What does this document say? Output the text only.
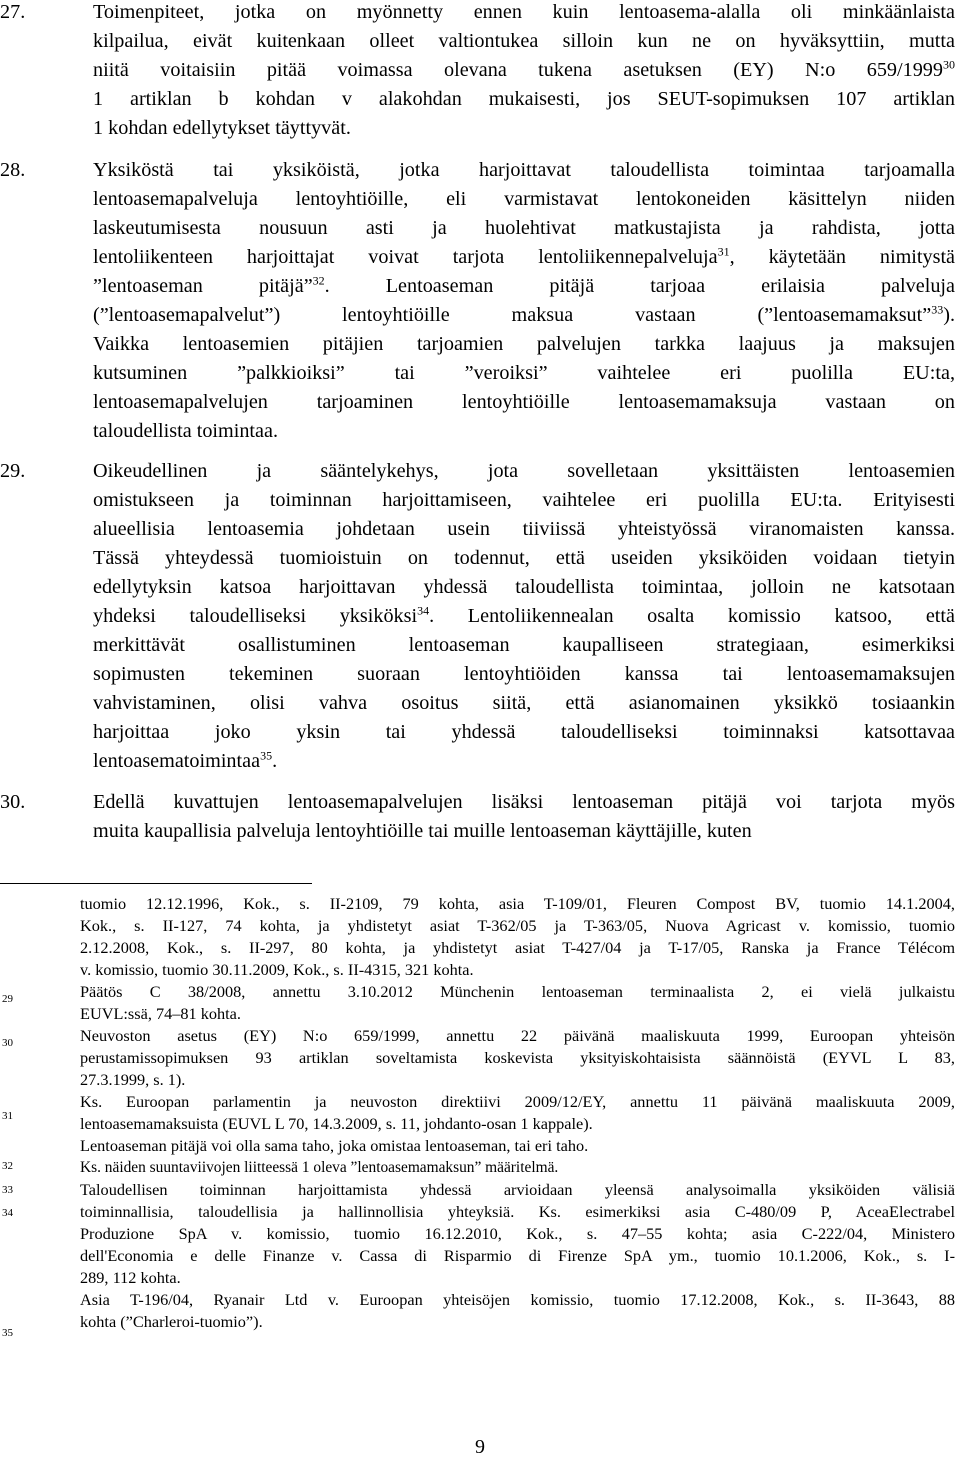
27.	Toimenpiteet, jotka on myönnetty ennen kuin lentoasema-alalla oli minkäänlaista
kilpailua, eivät kuitenkaan olleet valtiontukea silloin kun ne on hyväksyttiin, mutta
niitä voitaisiin pitää voimassa olevana tukena asetuksen (EY) N:o 659/1999$^{30}$
1 artiklan b kohdan v alakohdan mukaisesti, jos SEUT-sopimuksen 107 artiklan
1 kohdan edellytykset täyttyvät.
28.	Yksiköstä tai yksiköistä, jotka harjoittavat taloudellista toimintaa tarjoamalla
lentoasemapalveluja lentoyhtiöille, eli varmistavat lentokoneiden käsittelyn niiden
laskeutumisesta nousuun asti ja huolehtivat matkustajista ja rahdista, jotta
lentoliikenteen harjoittajat voivat tarjota lentoliikennepalveluja$^{31}$, käytetään nimitystä
”lentoaseman pitäjä”$^{32}$. Lentoaseman pitäjä tarjoaa erilaisia palveluja
(”lentoasemapalvelut”) lentoyhtiöille maksua vastaan (”lentoasemamaksut”$^{33}$).
Vaikka lentoasemien pitäjien tarjoamien palvelujen tarkka laajuus ja maksujen
kutsuminen ”palkkioiksi” tai ”veroiksi” vaihtelee eri puolilla EU:ta,
lentoasemapalvelujen tarjoaminen lentoyhtiöille lentoasemamaksuja vastaan on
taloudellista toimintaa.
29.	Oikeudellinen ja sääntelykehys, jota sovelletaan yksittäisten lentoasemien
omistukseen ja toiminnan harjoittamiseen, vaihtelee eri puolilla EU:ta. Erityisesti
alueellisia lentoasemia johdetaan usein tiiviissä yhteistyössä viranomaisten kanssa.
Tässä yhteydessä tuomioistuin on todennut, että useiden yksiköiden voidaan tietyin
edellytyksin katsoa harjoittavan yhdessä taloudellista toimintaa, jolloin ne katsotaan
yhdeksi taloudelliseksi yksiköksi$^{34}$. Lentoliikennealan osalta komissio katsoo, että
merkittävät osallistuminen lentoaseman kaupalliseen strategiaan, esimerkiksi
sopimusten tekeminen suoraan lentoyhtiöiden kanssa tai lentoasemamaksujen
vahvistaminen, olisi vahva osoitus siitä, että asianomainen yksikkö tosiaankin
harjoittaa joko yksin tai yhdessä taloudelliseksi toiminnaksi katsottavaa
lentoasematoimintaa$^{35}$.
30.	Edellä kuvattujen lentoasemapalvelujen lisäksi lentoaseman pitäjä voi tarjota myös
muita kaupallisia palveluja lentoyhtiöille tai muille lentoaseman käyttäjille, kuten
29
30
31
32
33
34
35
tuomio 12.12.1996, Kok., s. II-2109, 79 kohta, asia T-109/01, Fleuren Compost BV, tuomio 14.1.2004,
Kok., s. II-127, 74 kohta, ja yhdistetyt asiat T-362/05 ja T-363/05, Nuova Agricast v. komissio, tuomio
2.12.2008, Kok., s. II-297, 80 kohta, ja yhdistetyt asiat T-427/04 ja T-17/05, Ranska ja France Télécom
v. komissio, tuomio 30.11.2009, Kok., s. II-4315, 321 kohta.
Päätös C 38/2008, annettu 3.10.2012 Münchenin lentoaseman terminaalista 2, ei vielä julkaistu
EUVL:ssä, 74–81 kohta.
Neuvoston asetus (EY) N:o 659/1999, annettu 22 päivänä maaliskuuta 1999, Euroopan yhteisön
perustamissopimuksen 93 artiklan soveltamista koskevista yksityiskohtaisista säännöistä (EYVL L 83,
27.3.1999, s. 1).
Ks. Euroopan parlamentin ja neuvoston direktiivi 2009/12/EY, annettu 11 päivänä maaliskuuta 2009,
lentoasemamaksuista (EUVL L 70, 14.3.2009, s. 11, johdanto-osan 1 kappale).
Lentoaseman pitäjä voi olla sama taho, joka omistaa lentoaseman, tai eri taho.
Ks. näiden suuntaviivojen liitteessä 1 oleva ”lentoasemamaksun” määritelmä.
Taloudellisen toiminnan harjoittamista yhdessä arvioidaan yleensä analysoimalla yksiköiden välisiä
toiminnallisia, taloudellisia ja hallinnollisia yhteyksiä. Ks. esimerkiksi asia C-480/09 P, AceaElectrabel
Produzione SpA v. komissio, tuomio 16.12.2010, Kok., s. 47–55 kohta; asia C-222/04, Ministero
dell'Economia e delle Finanze v. Cassa di Risparmio di Firenze SpA ym., tuomio 10.1.2006, Kok., s. I-
289, 112 kohta.
Asia T-196/04, Ryanair Ltd v. Euroopan yhteisöjen komissio, tuomio 17.12.2008, Kok., s. II-3643, 88
kohta (”Charleroi-tuomio”).
9
